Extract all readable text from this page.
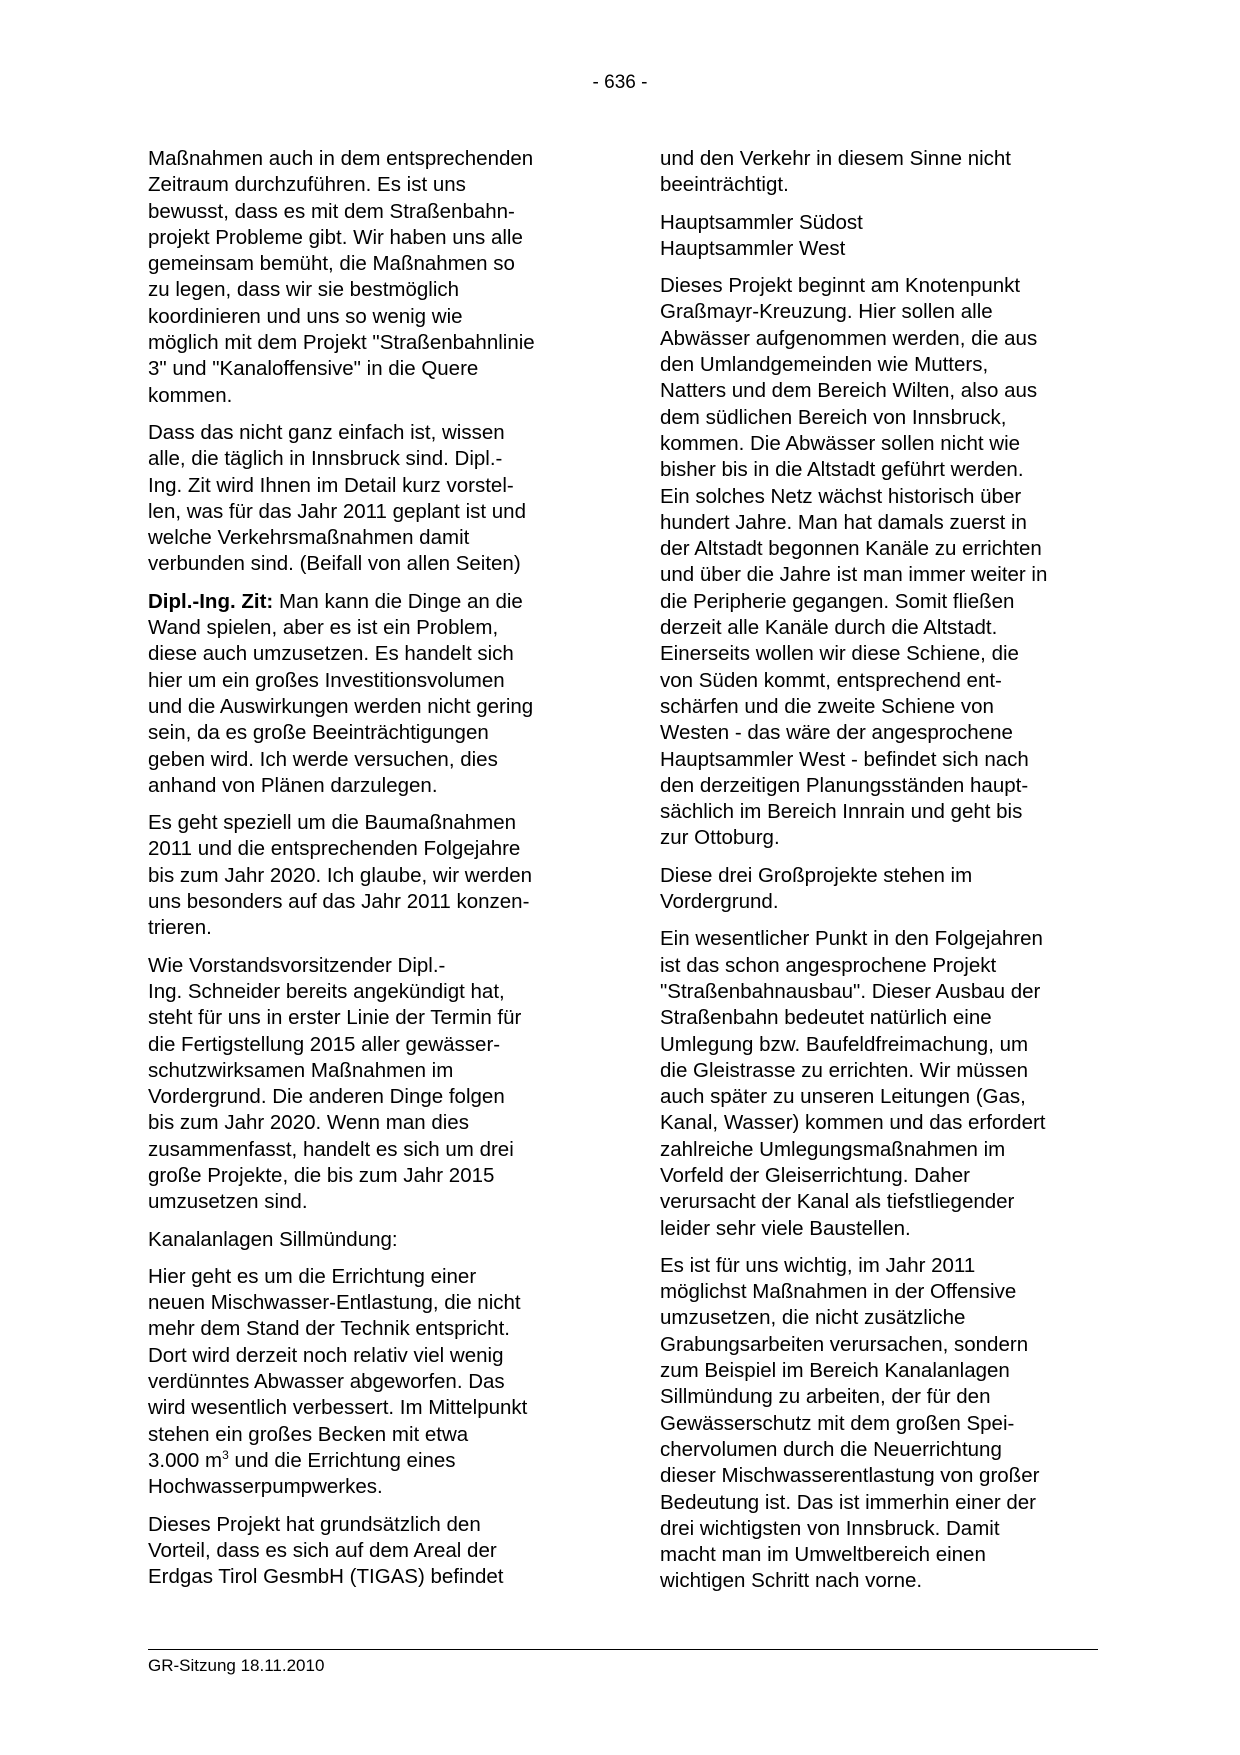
- 636 -

Maßnahmen auch in dem entsprechenden
Zeitraum durchzuführen. Es ist uns
bewusst, dass es mit dem Straßenbahn-
projekt Probleme gibt. Wir haben uns alle
gemeinsam bemüht, die Maßnahmen so
zu legen, dass wir sie bestmöglich
koordinieren und uns so wenig wie
möglich mit dem Projekt "Straßenbahnlinie
3" und "Kanaloffensive" in die Quere
kommen.

Dass das nicht ganz einfach ist, wissen
alle, die täglich in Innsbruck sind. Dipl.-
Ing. Zit wird Ihnen im Detail kurz vorstel-
len, was für das Jahr 2011 geplant ist und
welche Verkehrsmaßnahmen damit
verbunden sind. (Beifall von allen Seiten)

Dipl.-Ing. Zit: Man kann die Dinge an die
Wand spielen, aber es ist ein Problem,
diese auch umzusetzen. Es handelt sich
hier um ein großes Investitionsvolumen
und die Auswirkungen werden nicht gering
sein, da es große Beeinträchtigungen
geben wird. Ich werde versuchen, dies
anhand von Plänen darzulegen.

Es geht speziell um die Baumaßnahmen
2011 und die entsprechenden Folgejahre
bis zum Jahr 2020. Ich glaube, wir werden
uns besonders auf das Jahr 2011 konzen-
trieren.

Wie Vorstandsvorsitzender Dipl.-
Ing. Schneider bereits angekündigt hat,
steht für uns in erster Linie der Termin für
die Fertigstellung 2015 aller gewässer-
schutzwirksamen Maßnahmen im
Vordergrund. Die anderen Dinge folgen
bis zum Jahr 2020. Wenn man dies
zusammenfasst, handelt es sich um drei
große Projekte, die bis zum Jahr 2015
umzusetzen sind.

Kanalanlagen Sillmündung:

Hier geht es um die Errichtung einer
neuen Mischwasser-Entlastung, die nicht
mehr dem Stand der Technik entspricht.
Dort wird derzeit noch relativ viel wenig
verdünntes Abwasser abgeworfen. Das
wird wesentlich verbessert. Im Mittelpunkt
stehen ein großes Becken mit etwa
3.000 $m^3$ und die Errichtung eines
Hochwasserpumpwerkes.

Dieses Projekt hat grundsätzlich den
Vorteil, dass es sich auf dem Areal der
Erdgas Tirol GesmbH (TIGAS) befindet

und den Verkehr in diesem Sinne nicht
beeinträchtigt.

Hauptsammler Südost
Hauptsammler West

Dieses Projekt beginnt am Knotenpunkt
Graßmayr-Kreuzung. Hier sollen alle
Abwässer aufgenommen werden, die aus
den Umlandgemeinden wie Mutters,
Natters und dem Bereich Wilten, also aus
dem südlichen Bereich von Innsbruck,
kommen. Die Abwässer sollen nicht wie
bisher bis in die Altstadt geführt werden.
Ein solches Netz wächst historisch über
hundert Jahre. Man hat damals zuerst in
der Altstadt begonnen Kanäle zu errichten
und über die Jahre ist man immer weiter in
die Peripherie gegangen. Somit fließen
derzeit alle Kanäle durch die Altstadt.
Einerseits wollen wir diese Schiene, die
von Süden kommt, entsprechend ent-
schärfen und die zweite Schiene von
Westen - das wäre der angesprochene
Hauptsammler West - befindet sich nach
den derzeitigen Planungsständen haupt-
sächlich im Bereich Innrain und geht bis
zur Ottoburg.

Diese drei Großprojekte stehen im
Vordergrund.

Ein wesentlicher Punkt in den Folgejahren
ist das schon angesprochene Projekt
"Straßenbahnausbau". Dieser Ausbau der
Straßenbahn bedeutet natürlich eine
Umlegung bzw. Baufeldfreimachung, um
die Gleistrasse zu errichten. Wir müssen
auch später zu unseren Leitungen (Gas,
Kanal, Wasser) kommen und das erfordert
zahlreiche Umlegungsmaßnahmen im
Vorfeld der Gleiserrichtung. Daher
verursacht der Kanal als tiefstliegender
leider sehr viele Baustellen.

Es ist für uns wichtig, im Jahr 2011
möglichst Maßnahmen in der Offensive
umzusetzen, die nicht zusätzliche
Grabungsarbeiten verursachen, sondern
zum Beispiel im Bereich Kanalanlagen
Sillmündung zu arbeiten, der für den
Gewässerschutz mit dem großen Spei-
chervolumen durch die Neuerrichtung
dieser Mischwasserentlastung von großer
Bedeutung ist. Das ist immerhin einer der
drei wichtigsten von Innsbruck. Damit
macht man im Umweltbereich einen
wichtigen Schritt nach vorne.

GR-Sitzung 18.11.2010
